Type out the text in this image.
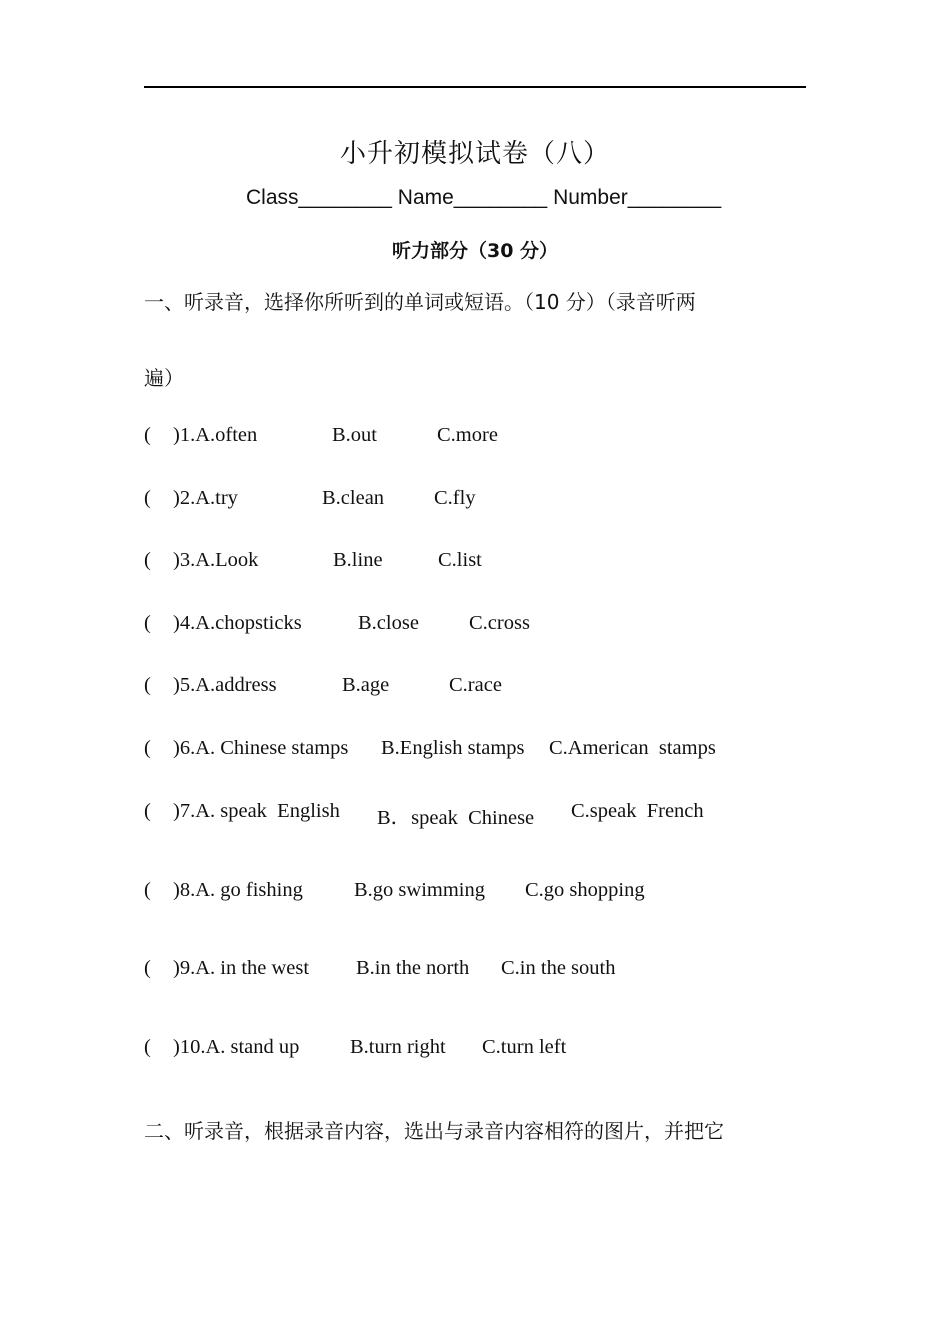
小升初模拟试卷（八）
Class________ Name________ Number________
听力部分（30 分）
一、听录音，选择你所听到的单词或短语。（10 分）（录音听两
遍）
( )1.A.often	B.out	C.more
( )2.A.try	B.clean C.fly
( )3.A.Look	B.line	C.list
( )4.A.chopsticks	B.close C.cross
( )5.A.address	B.age	C.race
( )6.A. Chinese stamps B.English stamps C.American  stamps
( )7.A. speak  English B．speak  Chinese C.speak  French
( )8.A. go fishing B.go swimming C.go shopping
( )9.A. in the west B.in the north C.in the south
( )10.A. stand up B.turn right C.turn left
二、听录音，根据录音内容，选出与录音内容相符的图片，并把它
